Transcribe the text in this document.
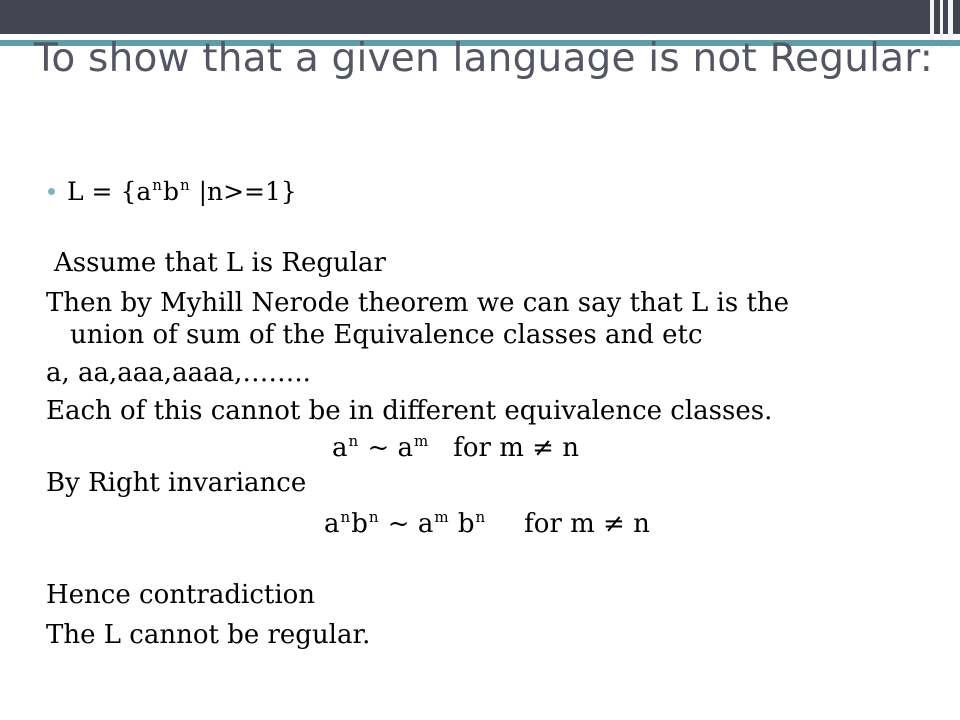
To show that a given language is not Regular:
$L = \{a^nb^n$ |n>=1}
Assume that L is Regular
Then by Myhill Nerode theorem we can say that L is the
union of sum of the Equivalence classes and etc
a, aa,aaa,aaaa,……..
Each of this cannot be in different equivalence classes.
$a^n$ ~ $a^m$ for m ≠ n
By Right invariance
$a^nb^n$ ~ $a^m$ $b^n$ for m ≠ n
Hence contradiction
The L cannot be regular.
